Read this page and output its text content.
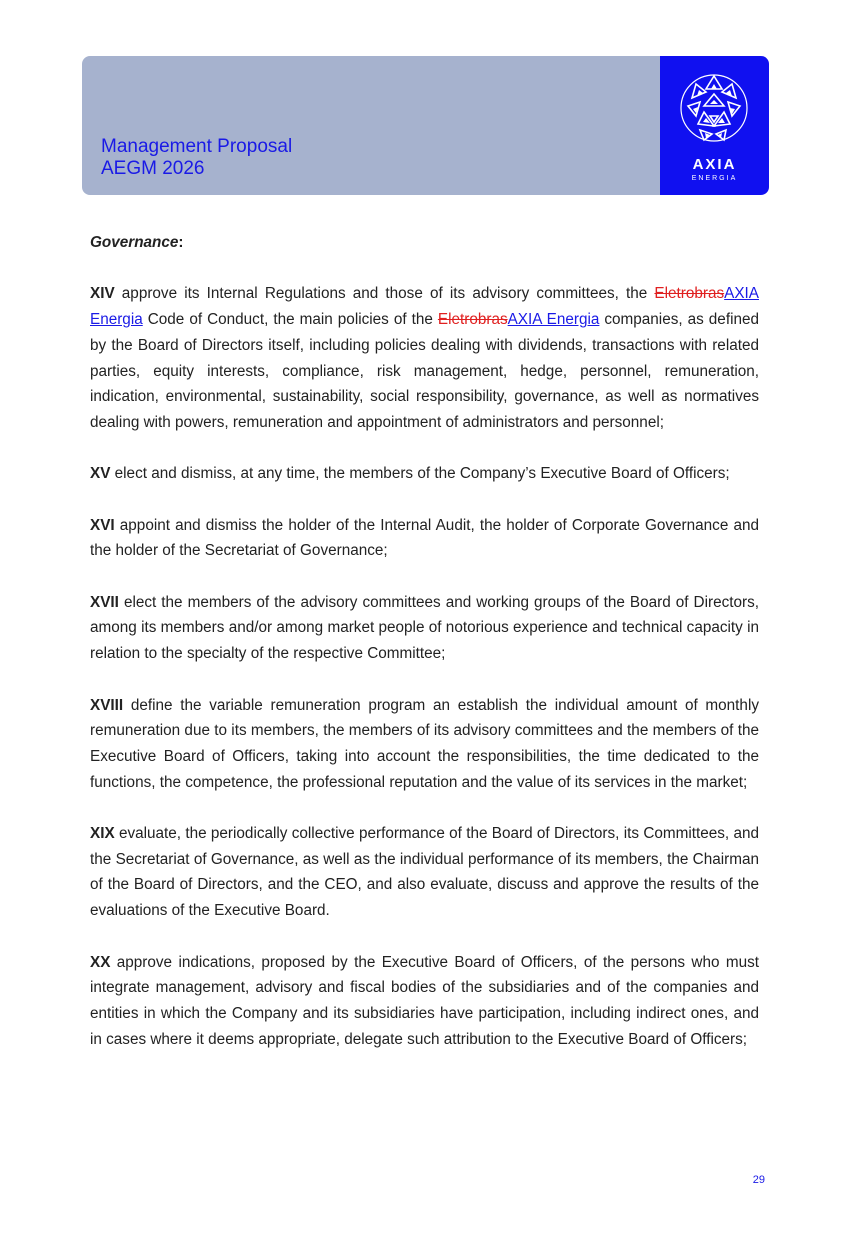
Management Proposal
AEGM 2026	AXIA
ENERGIA

Governance:

XIV approve its Internal Regulations and those of its advisory committees, the EletrobrasAXIA Energia Code of Conduct, the main policies of the EletrobrasAXIA Energia companies, as defined by the Board of Directors itself, including policies dealing with dividends, transactions with related parties, equity interests, compliance, risk management, hedge, personnel, remuneration, indication, environmental, sustainability, social responsibility, governance, as well as normatives dealing with powers, remuneration and appointment of administrators and personnel;

XV elect and dismiss, at any time, the members of the Company’s Executive Board of Officers;

XVI appoint and dismiss the holder of the Internal Audit, the holder of Corporate Governance and the holder of the Secretariat of Governance;

XVII elect the members of the advisory committees and working groups of the Board of Directors, among its members and/or among market people of notorious experience and technical capacity in relation to the specialty of the respective Committee;

XVIII define the variable remuneration program an establish the individual amount of monthly remuneration due to its members, the members of its advisory committees and the members of the Executive Board of Officers, taking into account the responsibilities, the time dedicated to the functions, the competence, the professional reputation and the value of its services in the market;

XIX evaluate, the periodically collective performance of the Board of Directors, its Committees, and the Secretariat of Governance, as well as the individual performance of its members, the Chairman of the Board of Directors, and the CEO, and also evaluate, discuss and approve the results of the evaluations of the Executive Board.

XX approve indications, proposed by the Executive Board of Officers, of the persons who must integrate management, advisory and fiscal bodies of the subsidiaries and of the companies and entities in which the Company and its subsidiaries have participation, including indirect ones, and in cases where it deems appropriate, delegate such attribution to the Executive Board of Officers;

29
